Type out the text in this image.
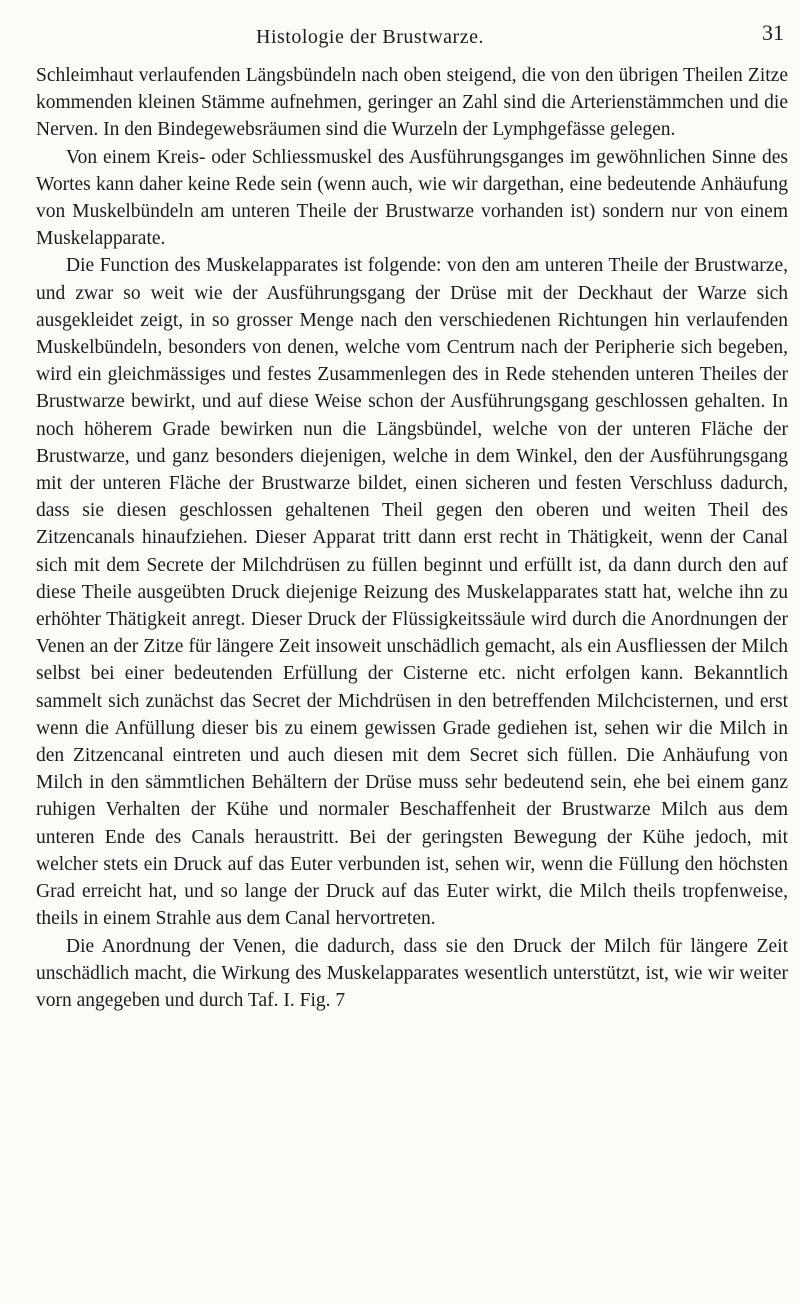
Histologie der Brustwarze.	31

Schleimhaut verlaufenden Längsbündeln nach oben steigend, die von den übrigen Theilen Zitze kommenden kleinen Stämme aufnehmen, geringer an Zahl sind die Arterienstämmchen und die Nerven. In den Bindegewebsräumen sind die Wurzeln der Lymphgefässe gelegen.

Von einem Kreis- oder Schliessmuskel des Ausführungsganges im gewöhnlichen Sinne des Wortes kann daher keine Rede sein (wenn auch, wie wir dargethan, eine bedeutende Anhäufung von Muskelbündeln am unteren Theile der Brustwarze vorhanden ist) sondern nur von einem Muskelapparate.

Die Function des Muskelapparates ist folgende: von den am unteren Theile der Brustwarze, und zwar so weit wie der Ausführungsgang der Drüse mit der Deckhaut der Warze sich ausgekleidet zeigt, in so grosser Menge nach den verschiedenen Richtungen hin verlaufenden Muskelbündeln, besonders von denen, welche vom Centrum nach der Peripherie sich begeben, wird ein gleichmässiges und festes Zusammenlegen des in Rede stehenden unteren Theiles der Brustwarze bewirkt, und auf diese Weise schon der Ausführungsgang geschlossen gehalten. In noch höherem Grade bewirken nun die Längsbündel, welche von der unteren Fläche der Brustwarze, und ganz besonders diejenigen, welche in dem Winkel, den der Ausführungsgang mit der unteren Fläche der Brustwarze bildet, einen sicheren und festen Verschluss dadurch, dass sie diesen geschlossen gehaltenen Theil gegen den oberen und weiten Theil des Zitzencanals hinaufziehen. Dieser Apparat tritt dann erst recht in Thätigkeit, wenn der Canal sich mit dem Secrete der Milchdrüsen zu füllen beginnt und erfüllt ist, da dann durch den auf diese Theile ausgeübten Druck diejenige Reizung des Muskelapparates statt hat, welche ihn zu erhöhter Thätigkeit anregt. Dieser Druck der Flüssigkeitssäule wird durch die Anordnungen der Venen an der Zitze für längere Zeit insoweit unschädlich gemacht, als ein Ausfliessen der Milch selbst bei einer bedeutenden Erfüllung der Cisterne etc. nicht erfolgen kann. Bekanntlich sammelt sich zunächst das Secret der Michdrüsen in den betreffenden Milchcisternen, und erst wenn die Anfüllung dieser bis zu einem gewissen Grade gediehen ist, sehen wir die Milch in den Zitzencanal eintreten und auch diesen mit dem Secret sich füllen. Die Anhäufung von Milch in den sämmtlichen Behältern der Drüse muss sehr bedeutend sein, ehe bei einem ganz ruhigen Verhalten der Kühe und normaler Beschaffenheit der Brustwarze Milch aus dem unteren Ende des Canals heraustritt. Bei der geringsten Bewegung der Kühe jedoch, mit welcher stets ein Druck auf das Euter verbunden ist, sehen wir, wenn die Füllung den höchsten Grad erreicht hat, und so lange der Druck auf das Euter wirkt, die Milch theils tropfenweise, theils in einem Strahle aus dem Canal hervortreten.

Die Anordnung der Venen, die dadurch, dass sie den Druck der Milch für längere Zeit unschädlich macht, die Wirkung des Muskelapparates wesentlich unterstützt, ist, wie wir weiter vorn angegeben und durch Taf. I. Fig. 7
